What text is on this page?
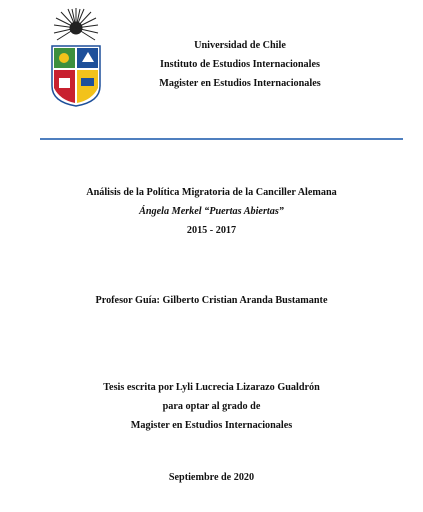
Universidad de Chile
Instituto de Estudios Internacionales
Magister en Estudios Internacionales
Análisis de la Política Migratoria de la Canciller Alemana
Ángela Merkel “Puertas Abiertas”
2015 - 2017
Profesor Guía: Gilberto Cristian Aranda Bustamante
Tesis escrita por Lyli Lucrecia Lizarazo Gualdrón
para optar al grado de
Magister en Estudios Internacionales
Septiembre de 2020
